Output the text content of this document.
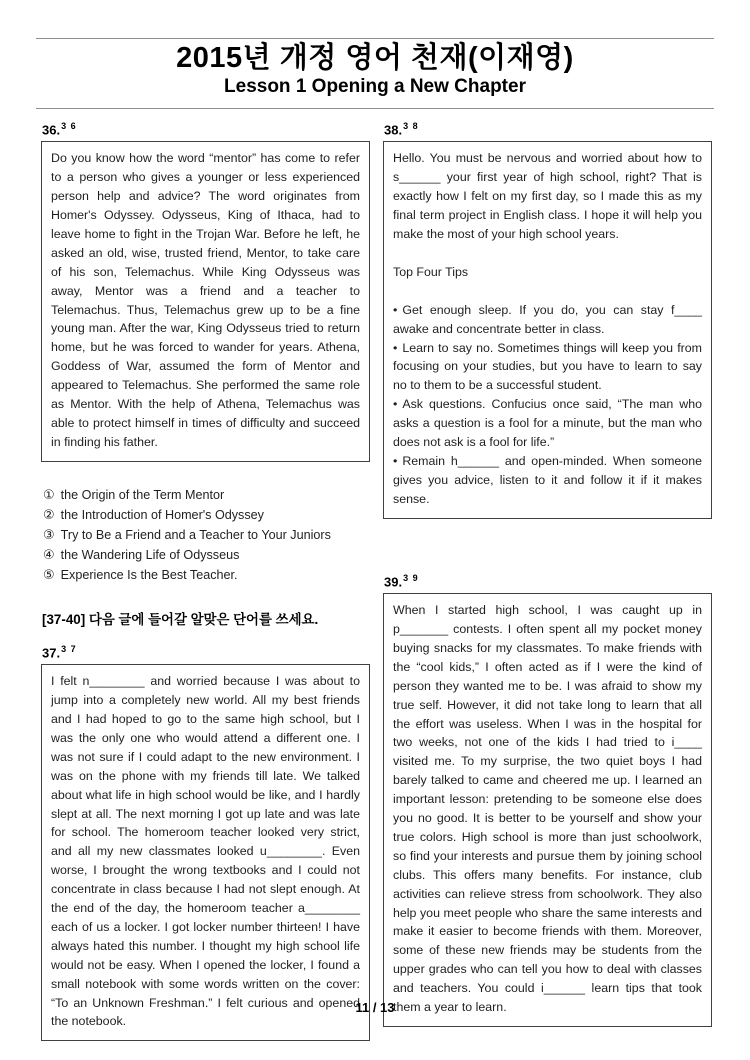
2015년 개정 영어 천재(이재영)
Lesson 1 Opening a New Chapter
36.$^{3 6}$

Do you know how the word “mentor” has come to refer to a person who gives a younger or less experienced person help and advice? The word originates from Homer's Odyssey. Odysseus, King of Ithaca, had to leave home to fight in the Trojan War. Before he left, he asked an old, wise, trusted friend, Mentor, to take care of his son, Telemachus. While King Odysseus was away, Mentor was a friend and a teacher to Telemachus. Thus, Telemachus grew up to be a fine young man. After the war, King Odysseus tried to return home, but he was forced to wander for years. Athena, Goddess of War, assumed the form of Mentor and appeared to Telemachus. She performed the same role as Mentor. With the help of Athena, Telemachus was able to protect himself in times of difficulty and succeed in finding his father.

① the Origin of the Term Mentor
② the Introduction of Homer's Odyssey
③ Try to Be a Friend and a Teacher to Your Juniors
④ the Wandering Life of Odysseus
⑤ Experience Is the Best Teacher.
[37-40] 다음 글에 들어갈 알맞은 단어를 쓰세요.
37.$^{3 7}$

I felt n________ and worried because I was about to jump into a completely new world. All my best friends and I had hoped to go to the same high school, but I was the only one who would attend a different one. I was not sure if I could adapt to the new environment. I was on the phone with my friends till late. We talked about what life in high school would be like, and I hardly slept at all. The next morning I got up late and was late for school. The homeroom teacher looked very strict, and all my new classmates looked u________. Even worse, I brought the wrong textbooks and I could not concentrate in class because I had not slept enough. At the end of the day, the homeroom teacher a________ each of us a locker. I got locker number thirteen! I have always hated this number. I thought my high school life would not be easy. When I opened the locker, I found a small notebook with some words written on the cover: “To an Unknown Freshman.” I felt curious and opened the notebook.

38.$^{3 8}$

Hello. You must be nervous and worried about how to s______ your first year of high school, right? That is exactly how I felt on my first day, so I made this as my final term project in English class. I hope it will help you make the most of your high school years.

Top Four Tips

• Get enough sleep. If you do, you can stay f____ awake and concentrate better in class.

• Learn to say no. Sometimes things will keep you from focusing on your studies, but you have to learn to say no to them to be a successful student.

• Ask questions. Confucius once said, “The man who asks a question is a fool for a minute, but the man who does not ask is a fool for life.”

• Remain h______ and open-minded. When someone gives you advice, listen to it and follow it if it makes sense.

39.$^{3 9}$

When I started high school, I was caught up in p_______ contests. I often spent all my pocket money buying snacks for my classmates. To make friends with the “cool kids,” I often acted as if I were the kind of person they wanted me to be. I was afraid to show my true self. However, it did not take long to learn that all the effort was useless. When I was in the hospital for two weeks, not one of the kids I had tried to i____ visited me. To my surprise, the two quiet boys I had barely talked to came and cheered me up. I learned an important lesson: pretending to be someone else does you no good. It is better to be yourself and show your true colors. High school is more than just schoolwork, so find your interests and pursue them by joining school clubs. This offers many benefits. For instance, club activities can relieve stress from schoolwork. They also help you meet people who share the same interests and make it easier to become friends with them. Moreover, some of these new friends may be students from the upper grades who can tell you how to deal with classes and teachers. You could i______ learn tips that took them a year to learn.

11 / 13
